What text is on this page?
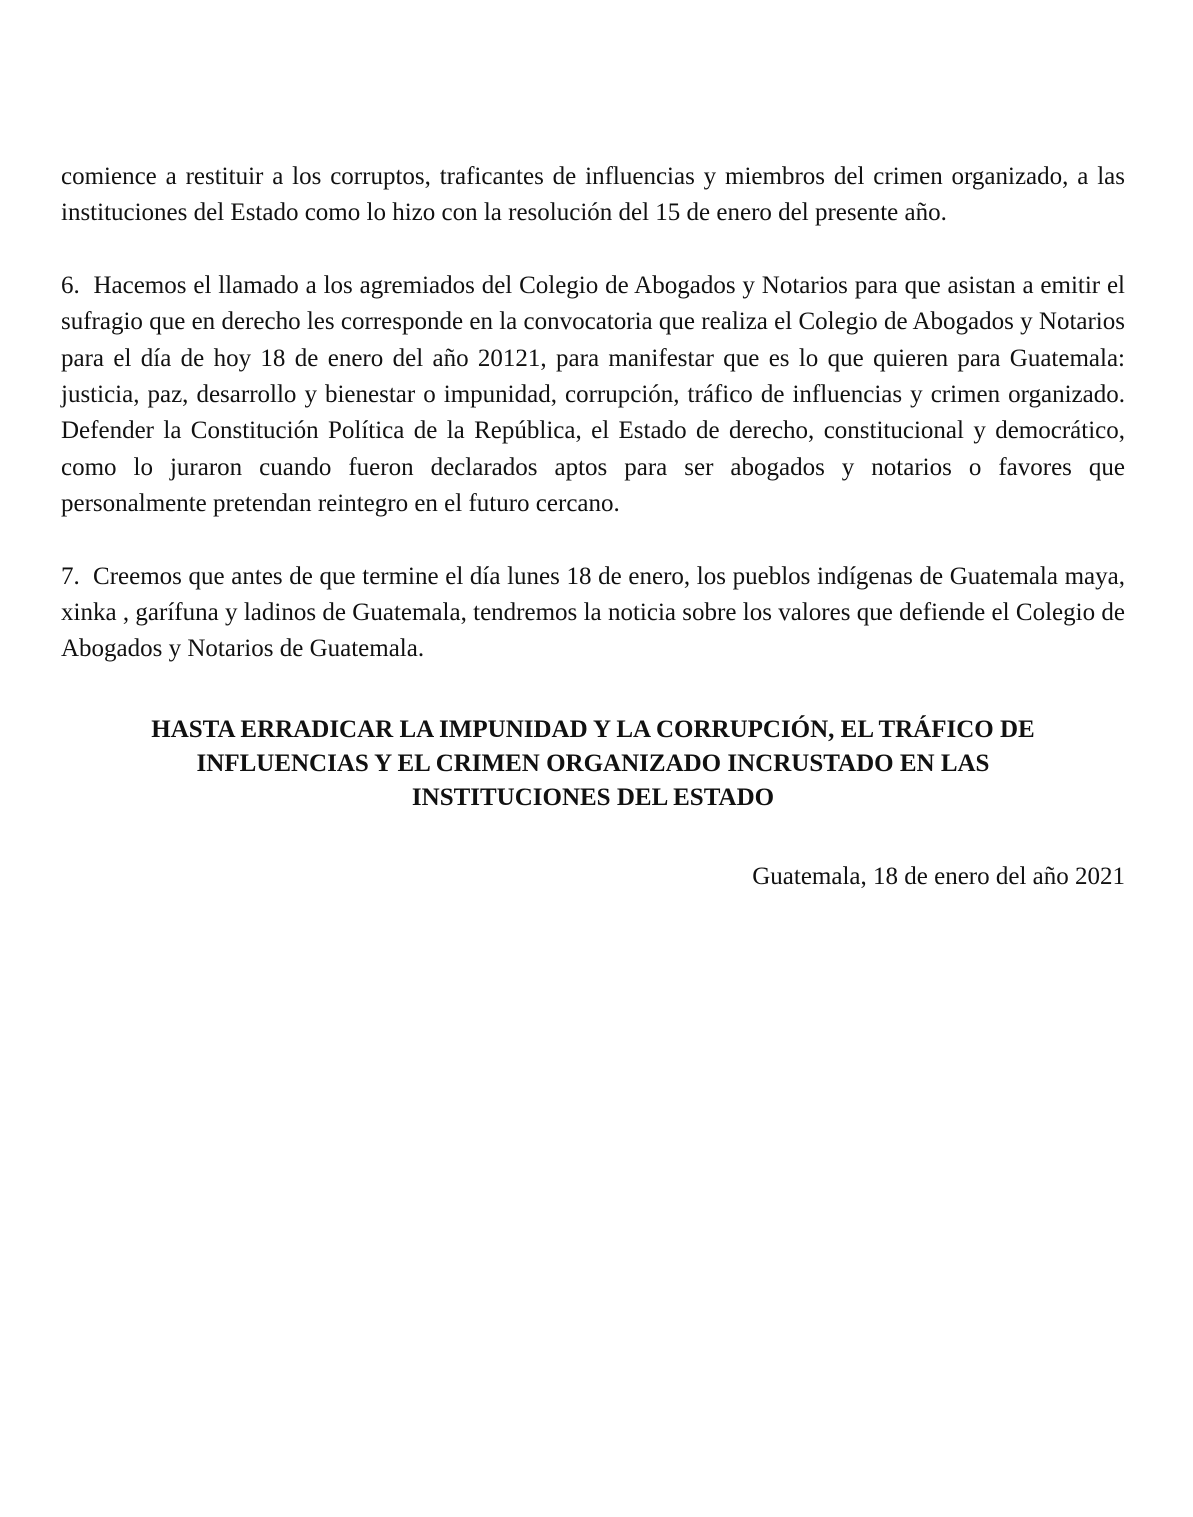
comience a restituir a los corruptos, traficantes de influencias y miembros del crimen organizado, a las instituciones del Estado como lo hizo con la resolución del 15 de enero del presente año.

6. Hacemos el llamado a los agremiados del Colegio de Abogados y Notarios para que asistan a emitir el sufragio que en derecho les corresponde en la convocatoria que realiza el Colegio de Abogados y Notarios para el día de hoy 18 de enero del año 20121, para manifestar que es lo que quieren para Guatemala: justicia, paz, desarrollo y bienestar o impunidad, corrupción, tráfico de influencias y crimen organizado. Defender la Constitución Política de la República, el Estado de derecho, constitucional y democrático, como lo juraron cuando fueron declarados aptos para ser abogados y notarios o favores que personalmente pretendan reintegro en el futuro cercano.

7. Creemos que antes de que termine el día lunes 18 de enero, los pueblos indígenas de Guatemala maya, xinka , garífuna y ladinos de Guatemala, tendremos la noticia sobre los valores que defiende el Colegio de Abogados y Notarios de Guatemala.

HASTA ERRADICAR LA IMPUNIDAD Y LA CORRUPCIÓN, EL TRÁFICO DE
INFLUENCIAS Y EL CRIMEN ORGANIZADO INCRUSTADO EN LAS
INSTITUCIONES DEL ESTADO
Guatemala, 18 de enero del año 2021
